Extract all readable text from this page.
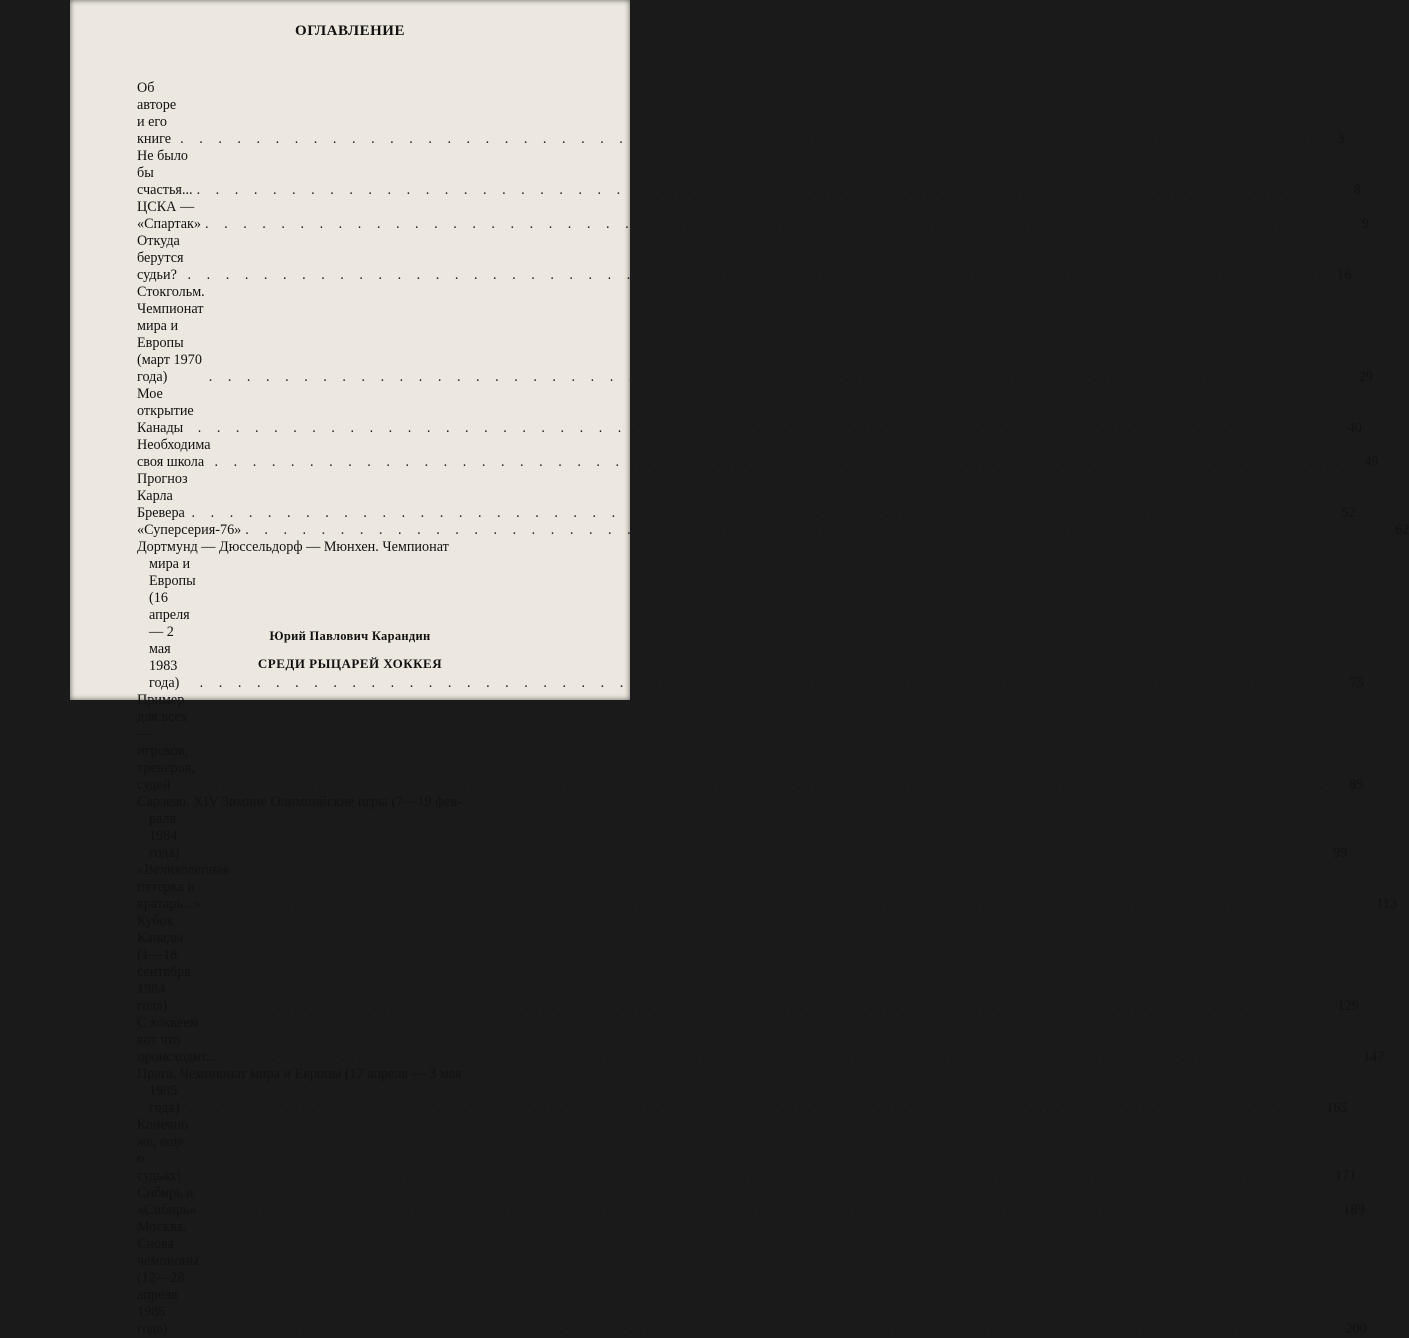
ОГЛАВЛЕНИЕ
Об авторе и его книге . . . . . . . . . . . . . . . . . . . . . . . . . . . . . . . . . . . . . . . . . . . . . . . . . . . . . . . . . . . .	3
Не было бы счастья... . . . . . . . . . . . . . . . . . . . . . . . . . . . . . . . . . . . . . . . . . . . . . . . . . . . . . . . . . . . .	8
ЦСКА — «Спартак» . . . . . . . . . . . . . . . . . . . . . . . . . . . . . . . . . . . . . . . . . . . . . . . . . . . . . . . . . . . .	9
Откуда берутся судьи? . . . . . . . . . . . . . . . . . . . . . . . . . . . . . . . . . . . . . . . . . . . . . . . . . . . . . . . . . . . . 16
Стокгольм. Чемпионат мира и Европы (март 1970 года)	. . . . . . . . . . . . . . . . . . . . . . . . . . . . . . . . . . . . . . . . . . . . . . . . . . . . . . . . . . . . 29
Мое открытие Канады	. . . . . . . . . . . . . . . . . . . . . . . . . . . . . . . . . . . . . . . . . . . . . . . . . . . . . . . . . . . . 40
Необходима своя школа . . . . . . . . . . . . . . . . . . . . . . . . . . . . . . . . . . . . . . . . . . . . . . . . . . . . . . . . . . . . 49
Прогноз Карла Бревера . . . . . . . . . . . . . . . . . . . . . . . . . . . . . . . . . . . . . . . . . . . . . . . . . . . . . . . . . . . . 52
«Суперсерия-76» . . . . . . . . . . . . . . . . . . . . . . . . . . . . . . . . . . . . . . . . . . . . . . . . . . . . . . . . . . . . 62
Дортмунд — Дюссельдорф — Мюнхен. Чемпионат
мира и Европы (16 апреля — 2 мая 1983 года)	. . . . . . . . . . . . . . . . . . . . . . . . . . . . . . . . . . . . . . . . . . . . . . . . . . . . . . . . . . . . 75
Пример для всех — игроков, тренеров, судей	. . . . . . . . . . . . . . . . . . . . . . . . . . . . . . . . . . . . . . . . . . . . . . . . . . . . . . . . . . . . 85
Сараево. XIV Зимние Олимпийские игры (7—19 фев-
раля 1984 года) . . . . . . . . . . . . . . . . . . . . . . . . . . . . . . . . . . . . . . . . . . . . . . . . . . . . . . . . . . . . 99
«Великолепная пятерка и вратарь...»	. . . . . . . . . . . . . . . . . . . . . . . . . . . . . . . . . . . . . . . . . . . . . . . . . . . . . . . . . . . . 113
Кубок Канады (1—18 сентября 1984 года)	. . . . . . . . . . . . . . . . . . . . . . . . . . . . . . . . . . . . . . . . . . . . . . . . . . . . . . . . . . . . 129
С хоккеем вот что происходит... . . . . . . . . . . . . . . . . . . . . . . . . . . . . . . . . . . . . . . . . . . . . . . . . . . . . . . . . . . . . 147
Прага. Чемпионат мира и Европы (17 апреля — 3 мая
1985 года) . . . . . . . . . . . . . . . . . . . . . . . . . . . . . . . . . . . . . . . . . . . . . . . . . . . . . . . . . . . . 165
Конечно же, еще о судьях! . . . . . . . . . . . . . . . . . . . . . . . . . . . . . . . . . . . . . . . . . . . . . . . . . . . . . . . . . . . . 171
Сибирь и «Сибирь» . . . . . . . . . . . . . . . . . . . . . . . . . . . . . . . . . . . . . . . . . . . . . . . . . . . . . . . . . . . . 189
Москва. Снова чемпионы (12—28 апреля 1986 года)	. . . . . . . . . . . . . . . . . . . . . . . . . . . . . . . . . . . . . . . . . . . . . . . . . . . . . . . . . . . . 200
Юрий Павлович Карандин
СРЕДИ РЫЦАРЕЙ ХОККЕЯ
